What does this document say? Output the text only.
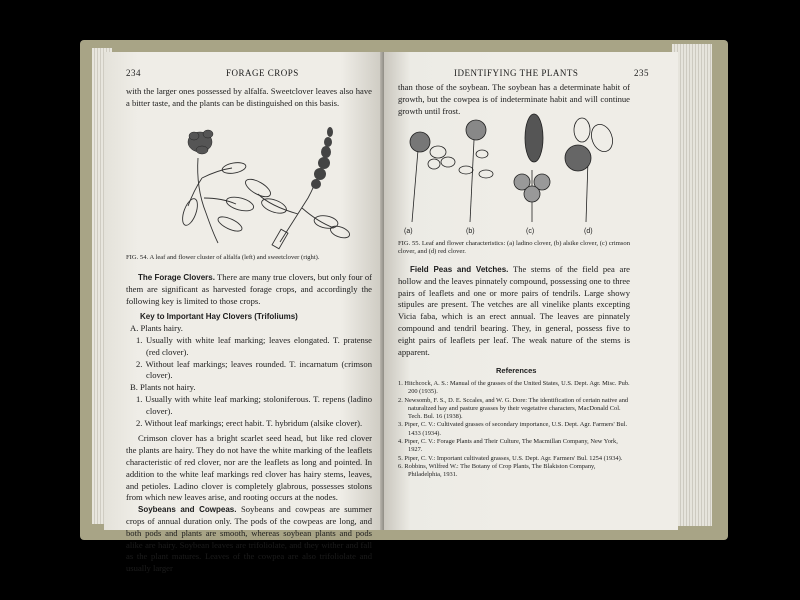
234	FORAGE CROPS

with the larger ones possessed by alfalfa. Sweetclover leaves also have a bitter taste, and the plants can be distinguished on this basis.

FIG. 54. A leaf and flower cluster of alfalfa (left) and sweetclover (right).

The Forage Clovers. There are many true clovers, but only four of them are significant as harvested forage crops, and accordingly the following key is limited to those crops.

Key to Important Hay Clovers (Trifoliums)

A. Plants hairy.

1. Usually with white leaf marking; leaves elongated. T. pratense (red clover).

2. Without leaf markings; leaves rounded. T. incarnatum (crimson clover).

B. Plants not hairy.

1. Usually with white leaf marking; stoloniferous. T. repens (ladino clover).

2. Without leaf markings; erect habit. T. hybridum (alsike clover).

Crimson clover has a bright scarlet seed head, but like red clover the plants are hairy. They do not have the white marking of the leaflets characteristic of red clover, nor are the leaflets as long and pointed. In addition to the white leaf markings red clover has hairy stems, leaves, and petioles. Ladino clover is completely glabrous, possesses stolons from which new leaves arise, and rooting occurs at the nodes.

Soybeans and Cowpeas. Soybeans and cowpeas are summer crops of annual duration only. The pods of the cowpeas are long, and both pods and plants are smooth, whereas soybean plants and pods alike are hairy. Soybean leaves are trifoliolate, and they wither and fall as the plant matures. Leaves of the cowpea are also trifoliolate and usually larger

IDENTIFYING THE PLANTS	235
than those of the soybean. The soybean has a determinate habit of growth, but the cowpea is of indeterminate habit and will continue growth until frost.
(a)	(b)	(c)	(d)
FIG. 55. Leaf and flower characteristics: (a) ladino clover, (b) alsike clover, (c) crimson clover, and (d) red clover.

Field Peas and Vetches. The stems of the field pea are hollow and the leaves pinnately compound, possessing one to three pairs of leaflets and one or more pairs of tendrils. Large showy stipules are present. The vetches are all vinelike plants excepting Vicia faba, which is an erect annual. The leaves are pinnately compound and tendril bearing. They, in general, possess five to eight pairs of leaflets per leaf. The weak nature of the stems is apparent.

References

1. Hitchcock, A. S.: Manual of the grasses of the United States, U.S. Dept. Agr. Misc. Pub. 200 (1935).

2. Newsomb, F. S., D. E. Sccales, and W. G. Dore: The identification of certain native and naturalized hay and pasture grasses by their vegetative characters, MacDonald Col. Tech. Bul. 16 (1938).

3. Piper, C. V.: Cultivated grasses of secondary importance, U.S. Dept. Agr. Farmers' Bul. 1433 (1934).

4. Piper, C. V.: Forage Plants and Their Culture, The Macmillan Company, New York, 1927.

5. Piper, C. V.: Important cultivated grasses, U.S. Dept. Agr. Farmers' Bul. 1254 (1934).

6. Robbins, Wilfred W.: The Botany of Crop Plants, The Blakiston Company, Philadelphia, 1931.
